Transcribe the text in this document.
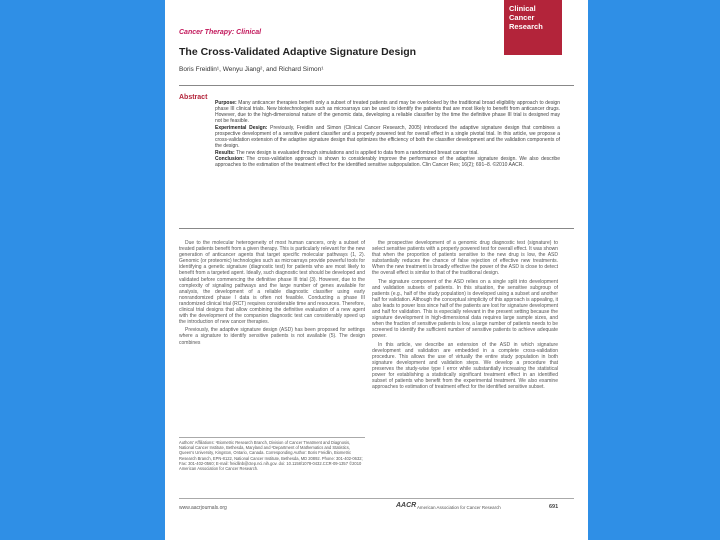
Cancer Therapy: Clinical
Clinical
Cancer
Research
The Cross-Validated Adaptive Signature Design
Boris Freidlin¹, Wenyu Jiang², and Richard Simon¹
Abstract

Purpose: Many anticancer therapies benefit only a subset of treated patients and may be overlooked by the traditional broad eligibility approach to design phase III clinical trials. New biotechnologies such as microarrays can be used to identify the patients that are most likely to benefit from anticancer drugs. However, due to the high-dimensional nature of the genomic data, developing a reliable classifier by the time the definitive phase III trial is designed may not be feasible.

Experimental Design: Previously, Freidlin and Simon (Clinical Cancer Research, 2005) introduced the adaptive signature design that combines a prospective development of a sensitive patient classifier and a properly powered test for overall effect in a single pivotal trial. In this article, we propose a cross-validation extension of the adaptive signature design that optimizes the efficiency of both the classifier development and the validation components of the design.

Results: The new design is evaluated through simulations and is applied to data from a randomized breast cancer trial.

Conclusion: The cross-validation approach is shown to considerably improve the performance of the adaptive signature design. We also describe approaches to the estimation of the treatment effect for the identified sensitive subpopulation. Clin Cancer Res; 16(2); 691–8. ©2010 AACR.

Due to the molecular heterogeneity of most human cancers, only a subset of treated patients benefit from a given therapy. This is particularly relevant for the new generation of anticancer agents that target specific molecular pathways (1, 2). Genomic (or proteomic) technologies such as microarrays provide powerful tools for identifying a genetic signature (diagnostic test) for patients who are most likely to benefit from a targeted agent. Ideally, such diagnostic test should be developed and validated before commencing the definitive phase III trial (3). However, due to the complexity of signaling pathways and the large number of genes available for analysis, the development of a reliable diagnostic classifier using early nonrandomized phase I data is often not feasible. Conducting a phase III randomized clinical trial (RCT) requires considerable time and resources. Therefore, clinical trial designs that allow combining the definitive evaluation of a new agent with the development of the companion diagnostic test can considerably speed up the introduction of new cancer therapies.

Previously, the adaptive signature design (ASD) has been proposed for settings where a signature to identify sensitive patients is not available (5). The design combines

the prospective development of a genomic drug diagnostic test (signature) to select sensitive patients with a properly powered test for overall effect. It was shown that when the proportion of patients sensitive to the new drug is low, the ASD substantially reduces the chance of false rejection of effective new treatments. When the new treatment is broadly effective the power of the ASD is close to detect the overall effect is similar to that of the traditional design.

The signature component of the ASD relies on a single split into development and validation subsets of patients. In this situation, the sensitive subgroup of patients (e.g., half of the study population) is developed using a subset and another half for validation. Although the conceptual simplicity of this approach is appealing, it also leads to power loss since half of the patients are lost for signature development and half for validation. This is especially relevant in the present setting because the signature development in high-dimensional data requires large sample sizes, and when the fraction of sensitive patients is low, a large number of patients needs to be screened to identify the sufficient number of sensitive patients to achieve adequate power.

In this article, we describe an extension of the ASD in which signature development and validation are embedded in a complete cross-validation procedure. This allows the use of virtually the entire study population in both signature development and validation steps. We develop a procedure that preserves the study-wise type I error while substantially increasing the statistical power for establishing a statistically significant treatment effect in an identified subset of patients who benefit from the experimental treatment. We also examine approaches to estimation of treatment effect for the identified sensitive subset.

Authors' Affiliations: ¹Biometric Research Branch, Division of Cancer Treatment and Diagnosis, National Cancer Institute, Bethesda, Maryland and ²Department of Mathematics and Statistics, Queen's University, Kingston, Ontario, Canada. Corresponding Author: Boris Freidlin, Biometric Research Branch, EPN-8122, National Cancer Institute, Bethesda, MD 20892. Phone: 301-402-0632; Fax: 301-402-0560; E-mail: freidlinb@ctep.nci.nih.gov. doi: 10.1158/1078-0432.CCR-09-1357 ©2010 American Association for Cancer Research.
www.aacrjournals.org	AACR American Association for Cancer Research	691
